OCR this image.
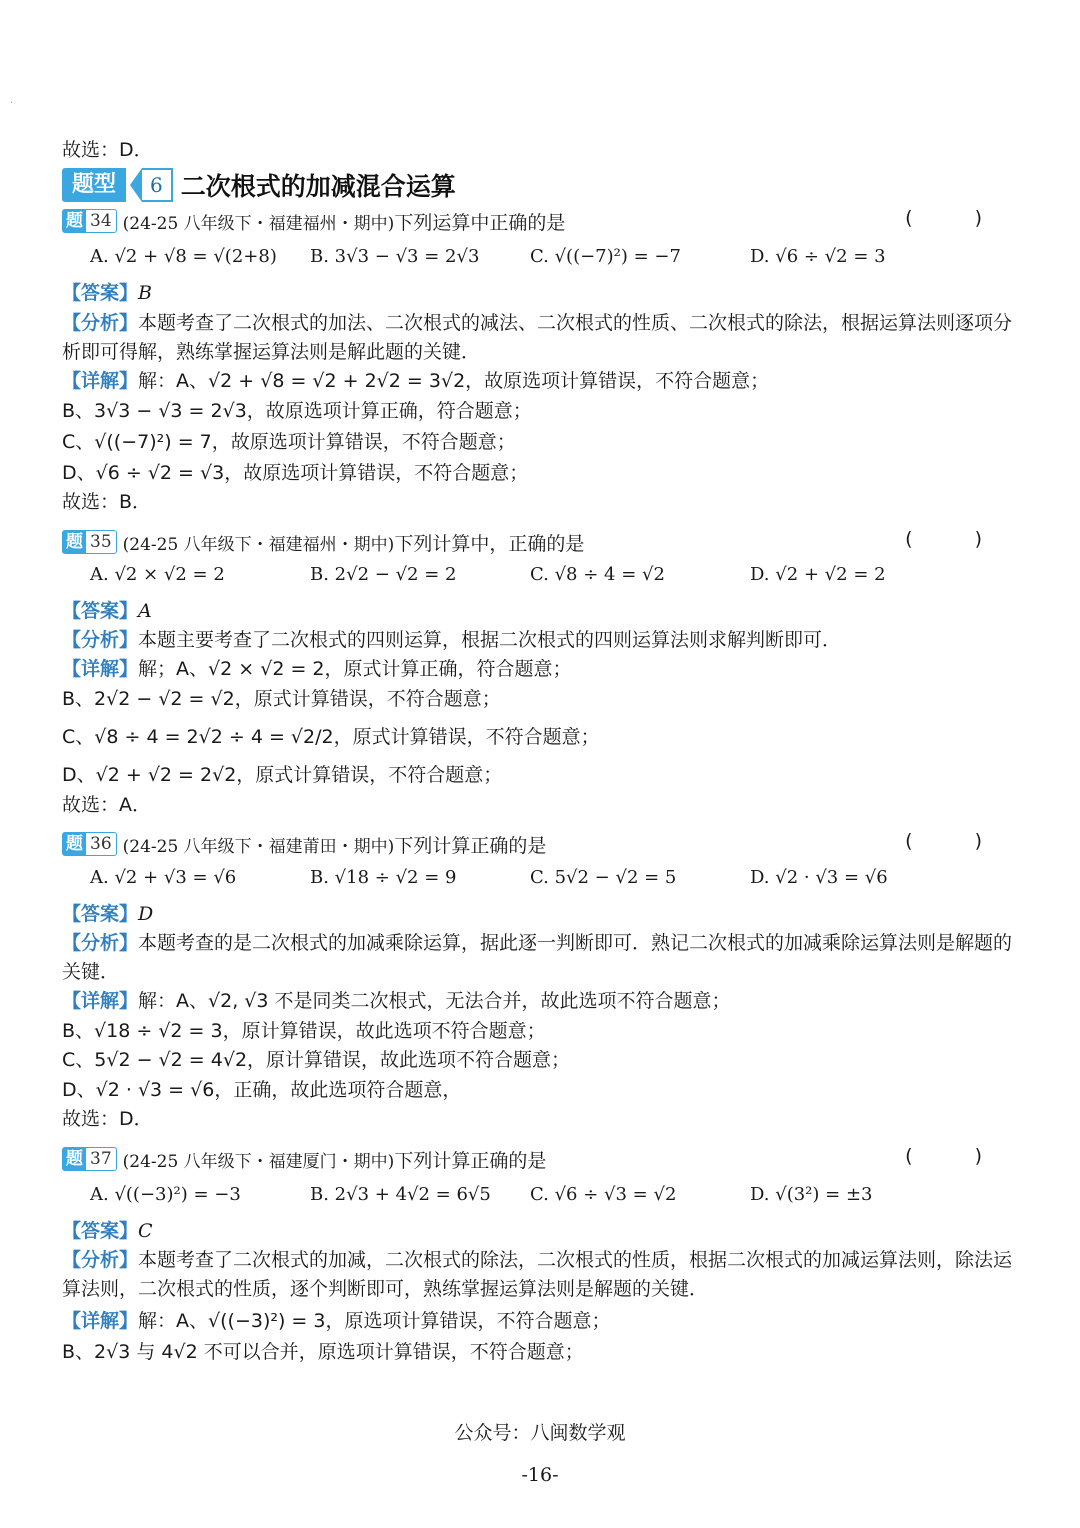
·
故选：D．
题型	6 二次根式的加减混合运算
题 34 (24-25 八年级下・福建福州・期中) 下列运算中正确的是	( )
A. √2 + √8 = √(2+8) B. 3√3 − √3 = 2√3	C. √((−7)²) = −7	D. √6 ÷ √2 = 3
【答案】B
【分析】本题考查了二次根式的加法、二次根式的减法、二次根式的性质、二次根式的除法，根据运算法则逐项分
析即可得解，熟练掌握运算法则是解此题的关键．
【详解】解：A、√2 + √8 = √2 + 2√2 = 3√2，故原选项计算错误，不符合题意；
B、3√3 − √3 = 2√3，故原选项计算正确，符合题意；
C、√((−7)²) = 7，故原选项计算错误，不符合题意；
D、√6 ÷ √2 = √3，故原选项计算错误，不符合题意；
故选：B．
题 35 (24-25 八年级下・福建福州・期中) 下列计算中，正确的是	( )
A. √2 × √2 = 2	B. 2√2 − √2 = 2	C. √8 ÷ 4 = √2	D. √2 + √2 = 2
【答案】A
【分析】本题主要考查了二次根式的四则运算，根据二次根式的四则运算法则求解判断即可．
【详解】解；A、√2 × √2 = 2，原式计算正确，符合题意；
B、2√2 − √2 = √2，原式计算错误，不符合题意；
C、√8 ÷ 4 = 2√2 ÷ 4 = √2/2，原式计算错误，不符合题意；
D、√2 + √2 = 2√2，原式计算错误，不符合题意；
故选：A．
题 36 (24-25 八年级下・福建莆田・期中) 下列计算正确的是	( )
A. √2 + √3 = √6	B. √18 ÷ √2 = 9	C. 5√2 − √2 = 5	D. √2 · √3 = √6
【答案】D
【分析】本题考查的是二次根式的加减乘除运算，据此逐一判断即可．熟记二次根式的加减乘除运算法则是解题的
关键．
【详解】解：A、√2, √3 不是同类二次根式，无法合并，故此选项不符合题意；
B、√18 ÷ √2 = 3，原计算错误，故此选项不符合题意；
C、5√2 − √2 = 4√2，原计算错误，故此选项不符合题意；
D、√2 · √3 = √6，正确，故此选项符合题意，
故选：D．
题 37 (24-25 八年级下・福建厦门・期中) 下列计算正确的是	( )
A. √((−3)²) = −3	B. 2√3 + 4√2 = 6√5 C. √6 ÷ √3 = √2	D. √(3²) = ±3
【答案】C
【分析】本题考查了二次根式的加减，二次根式的除法，二次根式的性质，根据二次根式的加减运算法则，除法运
算法则，二次根式的性质，逐个判断即可，熟练掌握运算法则是解题的关键．
【详解】解：A、√((−3)²) = 3，原选项计算错误，不符合题意；
B、2√3 与 4√2 不可以合并，原选项计算错误，不符合题意；
公众号：八闽数学观
-16-
